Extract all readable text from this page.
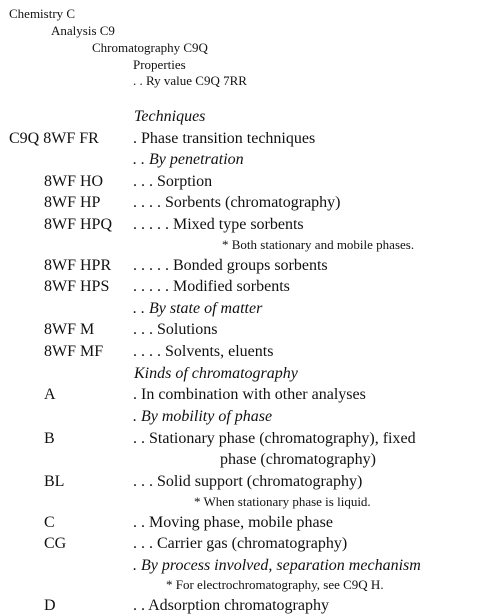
Chemistry C
Analysis C9
Chromatography C9Q
Properties
. . Ry value C9Q 7RR
Techniques
C9Q 8WF FR . Phase transition techniques
. . By penetration
8WF HO . . . Sorption
8WF HP . . . . Sorbents (chromatography)
8WF HPQ . . . . . Mixed type sorbents
* Both stationary and mobile phases.
8WF HPR . . . . . Bonded groups sorbents
8WF HPS . . . . . Modified sorbents
. . By state of matter
8WF M . . . Solutions
8WF MF . . . . Solvents, eluents
Kinds of chromatography
A	. In combination with other analyses
. By mobility of phase
B	. . Stationary phase (chromatography), fixed
phase (chromatography)
BL	. . . Solid support (chromatography)
* When stationary phase is liquid.
C	. . Moving phase, mobile phase
CG	. . . Carrier gas (chromatography)
. By process involved, separation mechanism
* For electrochromatography, see C9Q H.
D	. . Adsorption chromatography
